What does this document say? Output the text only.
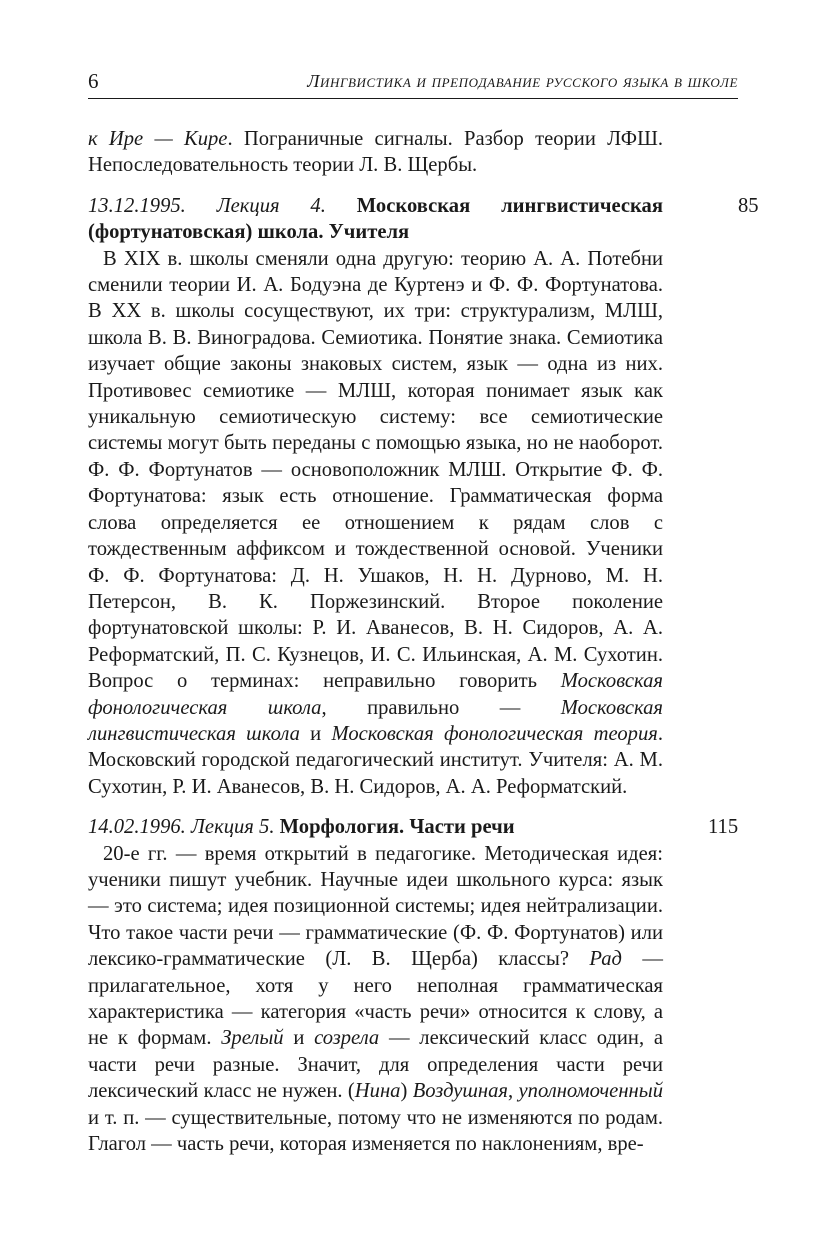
6	Лингвистика и преподавание русского языка в школе

к Ире — Кире. Пограничные сигналы. Разбор теории ЛФШ. Непоследовательность теории Л. В. Щербы.

85

13.12.1995. Лекция 4. Московская лингвистическая (фортунатовская) школа. Учителя

В XIX в. школы сменяли одна другую: теорию А. А. Потебни сменили теории И. А. Бодуэна де Куртенэ и Ф. Ф. Фортунатова. В XX в. школы сосуществуют, их три: структурализм, МЛШ, школа В. В. Виноградова. Семиотика. Понятие знака. Семиотика изучает общие законы знаковых систем, язык — одна из них. Противовес семиотике — МЛШ, которая понимает язык как уникальную семиотическую систему: все семиотические системы могут быть переданы с помощью языка, но не наоборот. Ф. Ф. Фортунатов — основоположник МЛШ. Открытие Ф. Ф. Фортунатова: язык есть отношение. Грамматическая форма слова определяется ее отношением к рядам слов с тождественным аффиксом и тождественной основой. Ученики Ф. Ф. Фортунатова: Д. Н. Ушаков, Н. Н. Дурново, М. Н. Петерсон, В. К. Поржезинский. Второе поколение фортунатовской школы: Р. И. Аванесов, В. Н. Сидоров, А. А. Реформатский, П. С. Кузнецов, И. С. Ильинская, А. М. Сухотин. Вопрос о терминах: неправильно говорить Московская фонологическая школа, правильно — Московская лингвистическая школа и Московская фонологическая теория. Московский городской педагогический институт. Учителя: А. М. Сухотин, Р. И. Аванесов, В. Н. Сидоров, А. А. Реформатский.

115

14.02.1996. Лекция 5. Морфология. Части речи

20-е гг. — время открытий в педагогике. Методическая идея: ученики пишут учебник. Научные идеи школьного курса: язык — это система; идея позиционной системы; идея нейтрализации. Что такое части речи — грамматические (Ф. Ф. Фортунатов) или лексико-грамматические (Л. В. Щерба) классы? Рад — прилагательное, хотя у него неполная грамматическая характеристика — категория «часть речи» относится к слову, а не к формам. Зрелый и созрела — лексический класс один, а части речи разные. Значит, для определения части речи лексический класс не нужен. (Нина) Воздушная, уполномоченный и т. п. — существительные, потому что не изменяются по родам. Глагол — часть речи, которая изменяется по наклонениям, вре-
